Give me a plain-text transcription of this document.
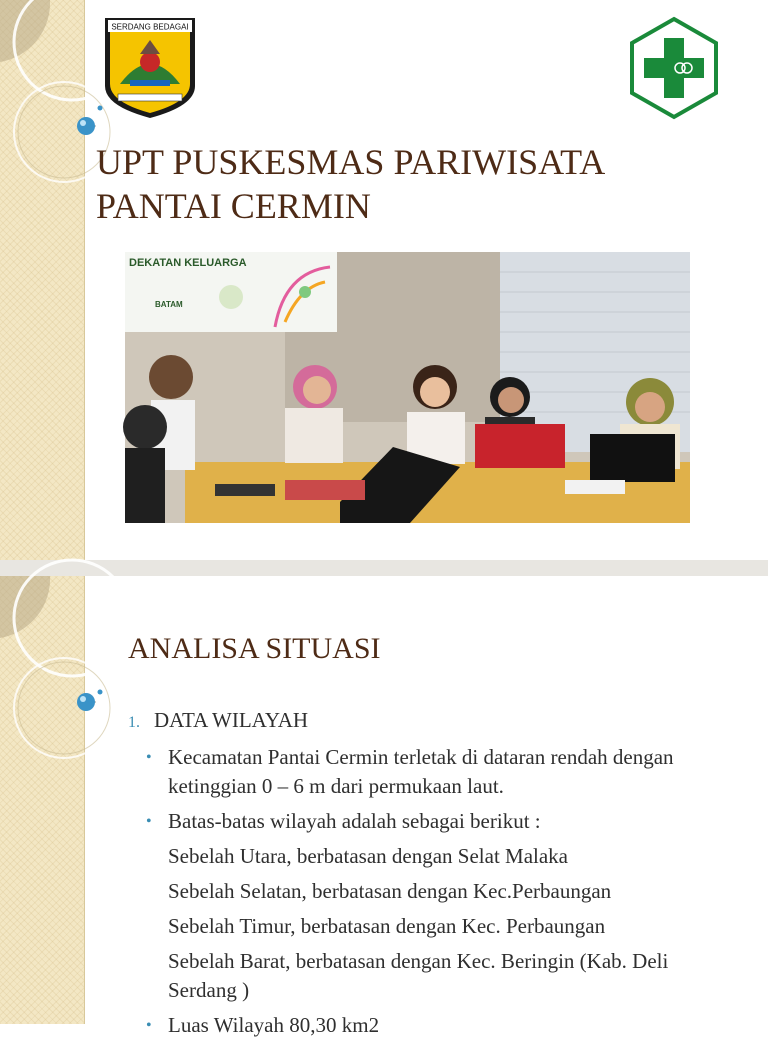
SERDANG BEDAGAI
UPT PUSKESMAS PARIWISATA
PANTAI CERMIN
DEKATAN KELUARGA
BATAM
ANALISA SITUASI

1. DATA WILAYAH

• Kecamatan Pantai Cermin terletak di dataran rendah dengan ketinggian 0 – 6 m dari permukaan laut.

• Batas-batas wilayah adalah sebagai berikut :

Sebelah Utara, berbatasan dengan Selat Malaka

Sebelah Selatan, berbatasan dengan Kec.Perbaungan

Sebelah Timur, berbatasan dengan Kec. Perbaungan

Sebelah Barat, berbatasan dengan Kec. Beringin (Kab. Deli Serdang )

• Luas Wilayah 80,30 km2
